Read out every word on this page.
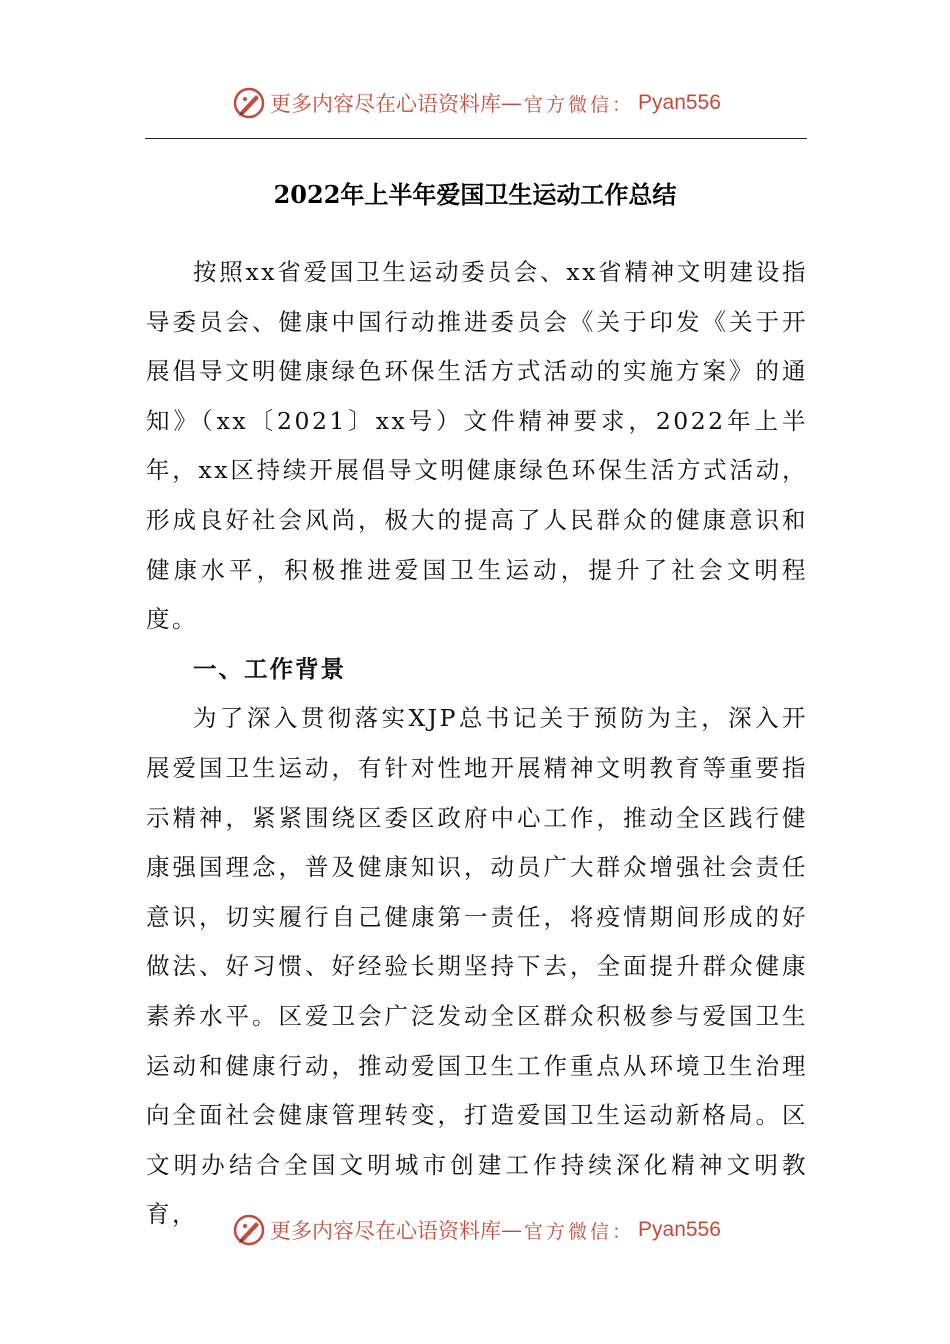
更多内容尽在心语资料库 — 官方微信： Pyan556
2022年上半年爱国卫生运动工作总结

按照xx省爱国卫生运动委员会、xx省精神文明建设指导委员会、健康中国行动推进委员会《关于印发《关于开展倡导文明健康绿色环保生活方式活动的实施方案》的通知》（xx〔2021〕xx号）文件精神要求，2022年上半年，xx区持续开展倡导文明健康绿色环保生活方式活动，形成良好社会风尚，极大的提高了人民群众的健康意识和健康水平，积极推进爱国卫生运动，提升了社会文明程度。

一、工作背景

为了深入贯彻落实XJP总书记关于预防为主，深入开展爱国卫生运动，有针对性地开展精神文明教育等重要指示精神，紧紧围绕区委区政府中心工作，推动全区践行健康强国理念，普及健康知识，动员广大群众增强社会责任意识，切实履行自己健康第一责任，将疫情期间形成的好做法、好习惯、好经验长期坚持下去，全面提升群众健康素养水平。区爱卫会广泛发动全区群众积极参与爱国卫生运动和健康行动，推动爱国卫生工作重点从环境卫生治理向全面社会健康管理转变，打造爱国卫生运动新格局。区文明办结合全国文明城市创建工作持续深化精神文明教育，

更多内容尽在心语资料库 — 官方微信： Pyan556
